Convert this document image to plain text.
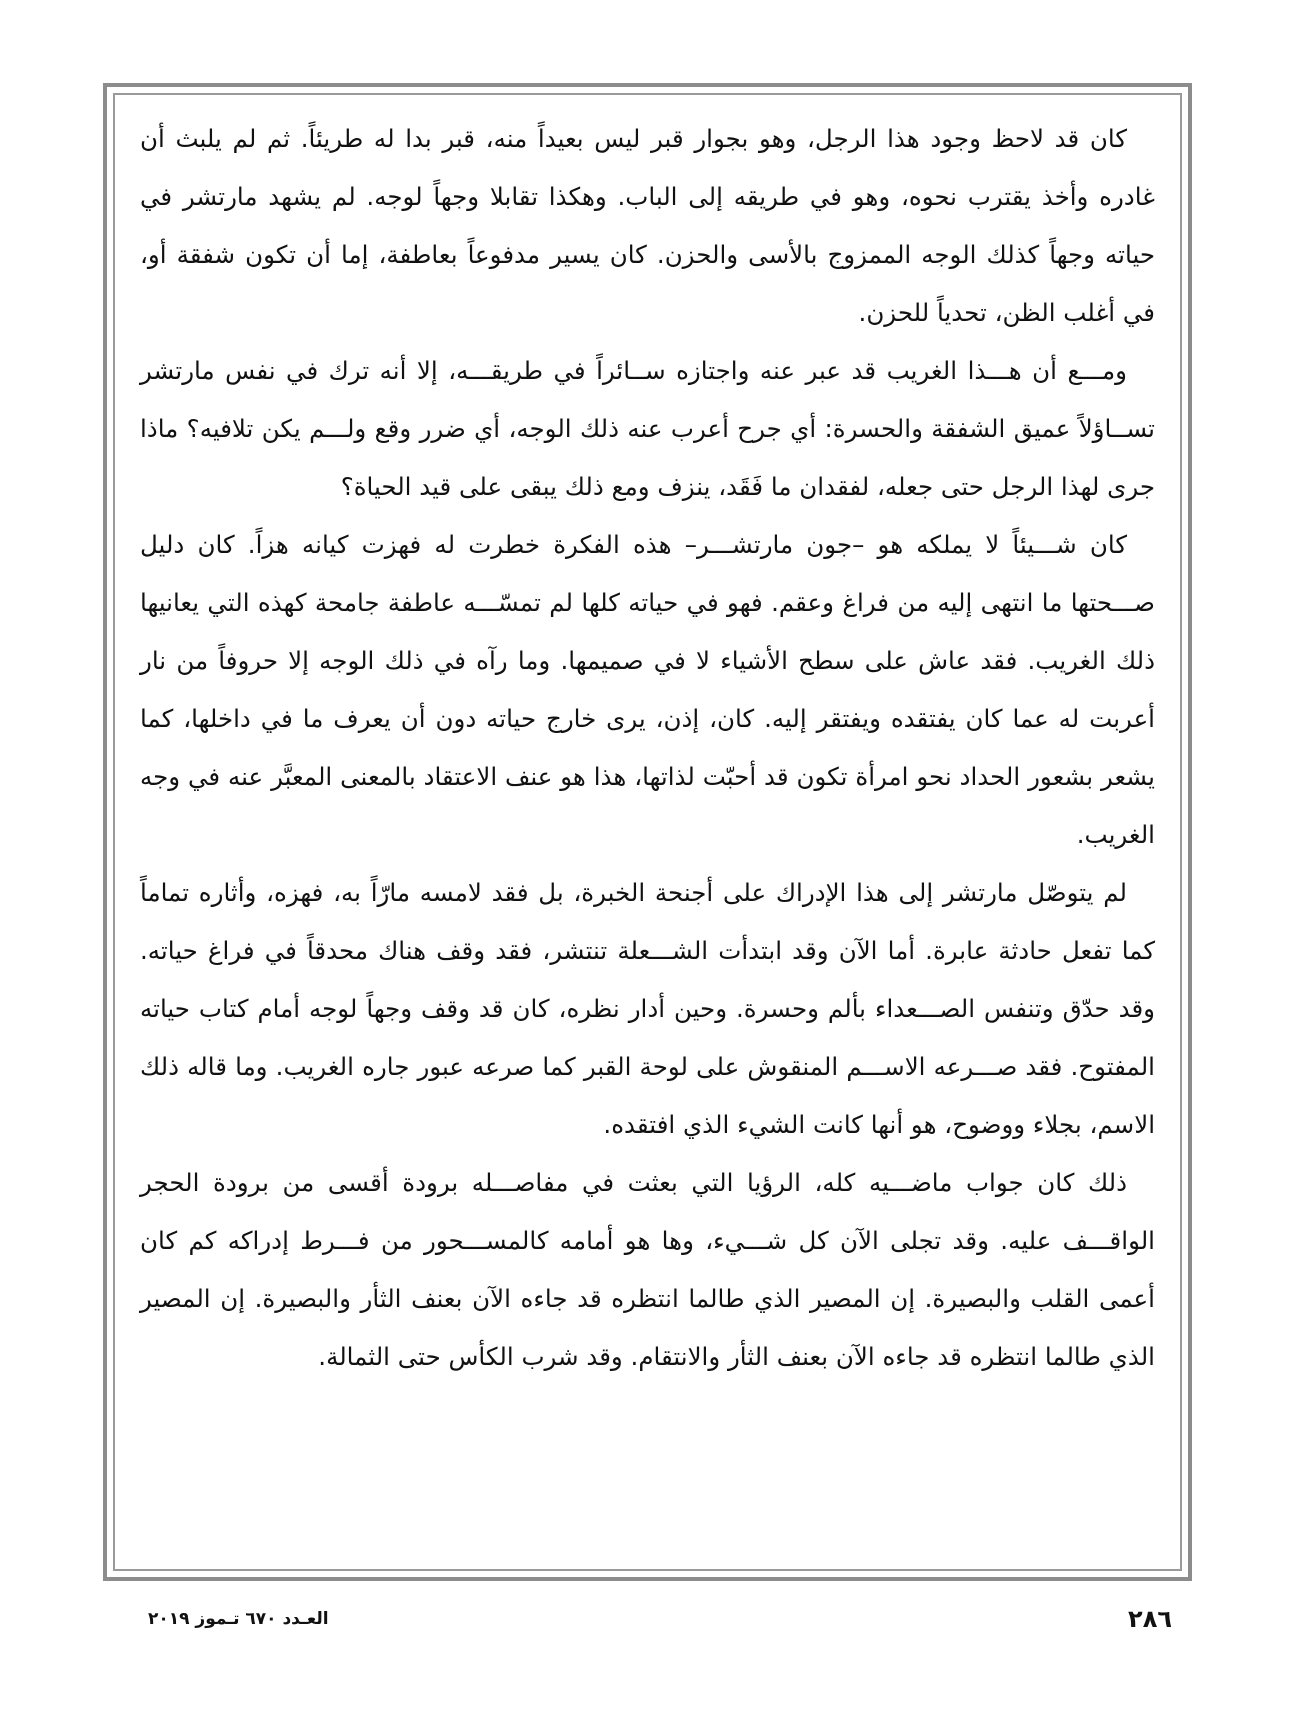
كان قد لاحظ وجود هذا الرجل، وهو بجوار قبر ليس بعيداً منه، قبر بدا له طريئاً. ثم لم يلبث أن غادره وأخذ يقترب نحوه، وهو في طريقه إلى الباب. وهكذا تقابلا وجهاً لوجه. لم يشهد مارتشر في حياته وجهاً كذلك الوجه الممزوج بالأسى والحزن. كان يسير مدفوعاً بعاطفة، إما أن تكون شفقة أو، في أغلب الظن، تحدياً للحزن.

ومـــع أن هـــذا الغريب قد عبر عنه واجتازه ســائراً في طريقـــه، إلا أنه ترك في نفس مارتشر تســاؤلاً عميق الشفقة والحسرة: أي جرح أعرب عنه ذلك الوجه، أي ضرر وقع ولـــم يكن تلافيه؟ ماذا جرى لهذا الرجل حتى جعله، لفقدان ما فَقَد، ينزف ومع ذلك يبقى على قيد الحياة؟

كان شـــيئاً لا يملكه هو –جون مارتشـــر– هذه الفكرة خطرت له فهزت كيانه هزاً. كان دليل صـــحتها ما انتهى إليه من فراغ وعقم. فهو في حياته كلها لم تمسّـــه عاطفة جامحة كهذه التي يعانيها ذلك الغريب. فقد عاش على سطح الأشياء لا في صميمها. وما رآه في ذلك الوجه إلا حروفاً من نار أعربت له عما كان يفتقده ويفتقر إليه. كان، إذن، يرى خارج حياته دون أن يعرف ما في داخلها، كما يشعر بشعور الحداد نحو امرأة تكون قد أحبّت لذاتها، هذا هو عنف الاعتقاد بالمعنى المعبَّر عنه في وجه الغريب.

لم يتوصّل مارتشر إلى هذا الإدراك على أجنحة الخبرة، بل فقد لامسه مارّاً به، فهزه، وأثاره تماماً كما تفعل حادثة عابرة. أما الآن وقد ابتدأت الشـــعلة تنتشر، فقد وقف هناك محدقاً في فراغ حياته. وقد حدّق وتنفس الصـــعداء بألم وحسرة. وحين أدار نظره، كان قد وقف وجهاً لوجه أمام كتاب حياته المفتوح. فقد صـــرعه الاســـم المنقوش على لوحة القبر كما صرعه عبور جاره الغريب. وما قاله ذلك الاسم، بجلاء ووضوح، هو أنها كانت الشيء الذي افتقده.

ذلك كان جواب ماضـــيه كله، الرؤيا التي بعثت في مفاصـــله برودة أقسى من برودة الحجر الواقـــف عليه. وقد تجلى الآن كل شـــيء، وها هو أمامه كالمســـحور من فـــرط إدراكه كم كان أعمى القلب والبصيرة. إن المصير الذي طالما انتظره قد جاءه الآن بعنف الثأر والبصيرة. إن المصير الذي طالما انتظره قد جاءه الآن بعنف الثأر والانتقام. وقد شرب الكأس حتى الثمالة.

٢٨٦
العـدد ٦٧٠ تـموز ٢٠١٩
